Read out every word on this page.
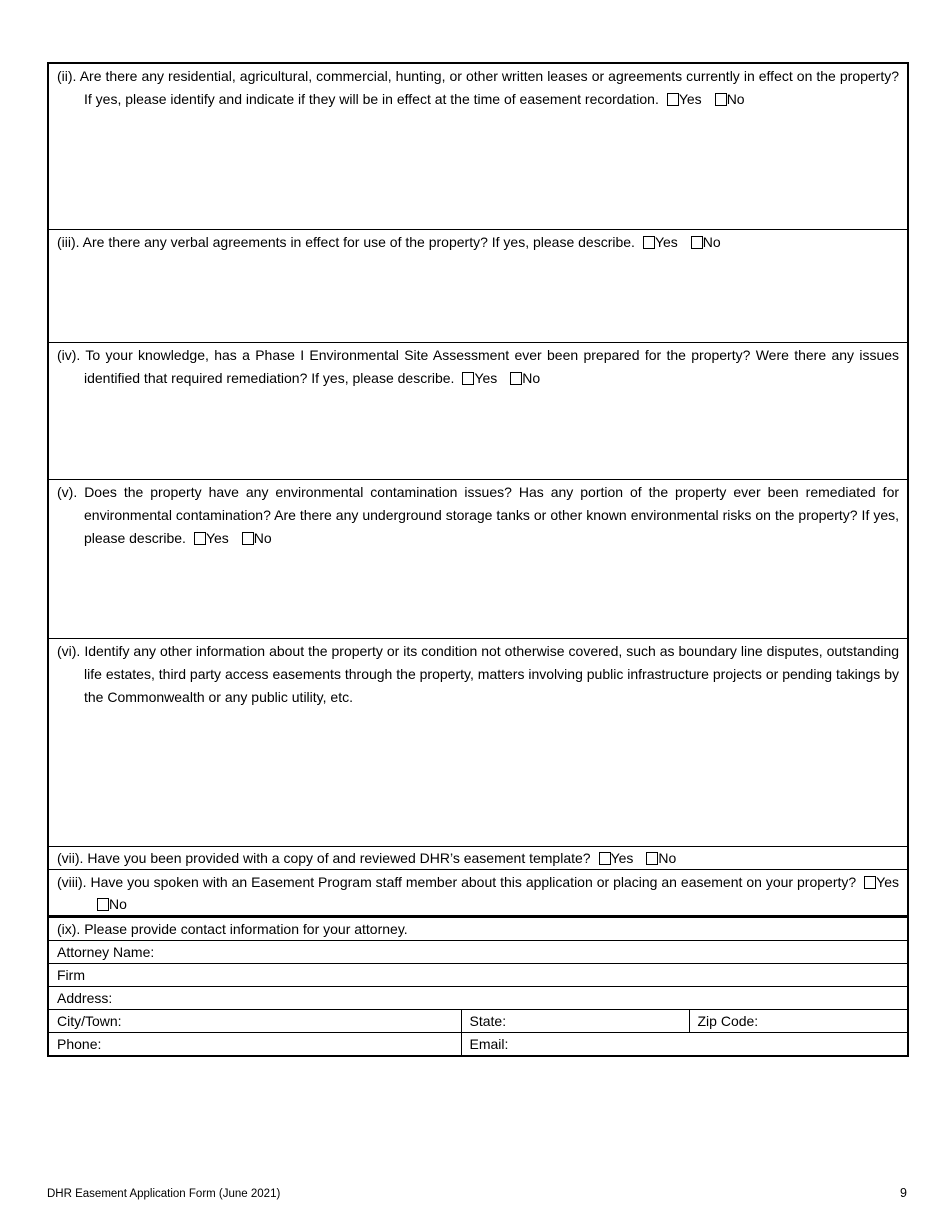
(ii). Are there any residential, agricultural, commercial, hunting, or other written leases or agreements currently in effect on the property? If yes, please identify and indicate if they will be in effect at the time of easement recordation. Yes No		

(iii). Are there any verbal agreements in effect for use of the property? If yes, please describe. Yes No		

(iv). To your knowledge, has a Phase I Environmental Site Assessment ever been prepared for the property? Were there any issues identified that required remediation? If yes, please describe. Yes No		

(v). Does the property have any environmental contamination issues? Has any portion of the property ever been remediated for environmental contamination? Are there any underground storage tanks or other known environmental risks on the property? If yes, please describe. Yes No		

(vi). Identify any other information about the property or its condition not otherwise covered, such as boundary line disputes, outstanding life estates, third party access easements through the property, matters involving public infrastructure projects or pending takings by the Commonwealth or any public utility, etc.		

(vii). Have you been provided with a copy of and reviewed DHR’s easement template? Yes No		

(viii). Have you spoken with an Easement Program staff member about this application or placing an easement on your property? YesNo		

(ix). Please provide contact information for your attorney.		

Attorney Name:		
Firm		
Address:		
City/Town:	State:	Zip Code:
Phone:	Email:	
DHR Easement Application Form (June 2021)	9
